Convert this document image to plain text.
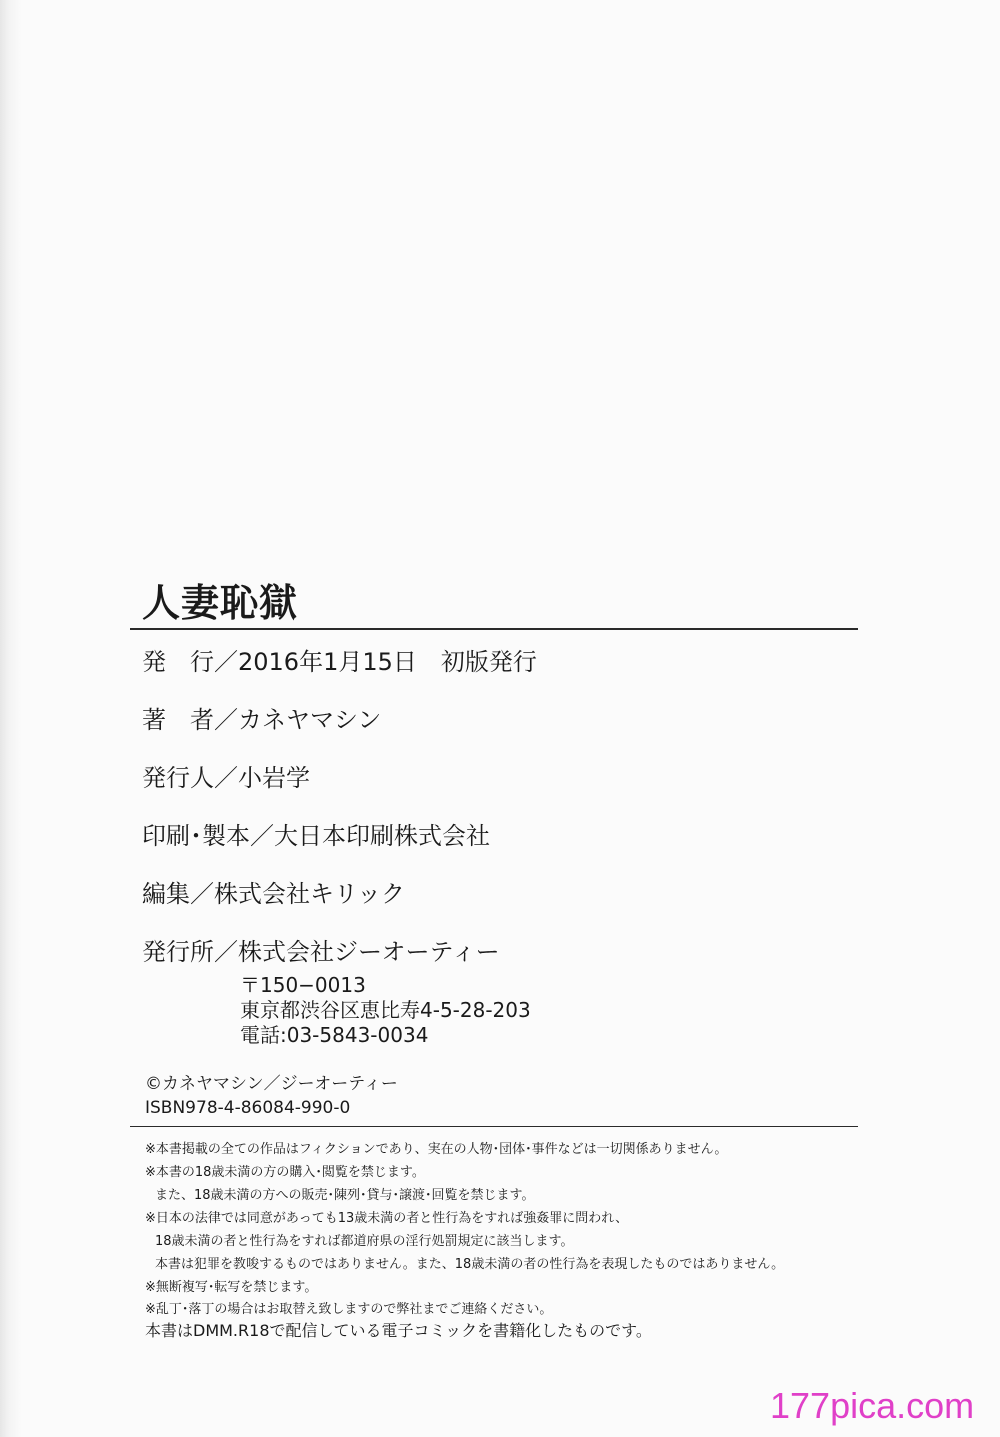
人妻恥獄
発　行／2016年1月15日　初版発行
著　者／カネヤマシン
発行人／小岩学
印刷･製本／大日本印刷株式会社
編集／株式会社キリック
発行所／株式会社ジーオーティー
〒150−0013
東京都渋谷区恵比寿4-5-28-203
電話:03-5843-0034
©カネヤマシン／ジーオーティー
ISBN978-4-86084-990-0
※本書掲載の全ての作品はフィクションであり、実在の人物･団体･事件などは一切関係ありません。
※本書の18歳未満の方の購入･閲覧を禁じます。
また、18歳未満の方への販売･陳列･貸与･譲渡･回覧を禁じます。
※日本の法律では同意があっても13歳未満の者と性行為をすれば強姦罪に問われ、
18歳未満の者と性行為をすれば都道府県の淫行処罰規定に該当します。
本書は犯罪を教唆するものではありません。また、18歳未満の者の性行為を表現したものではありません。
※無断複写･転写を禁じます。
※乱丁･落丁の場合はお取替え致しますので弊社までご連絡ください。
本書はDMM.R18で配信している電子コミックを書籍化したものです。
177pica.com
